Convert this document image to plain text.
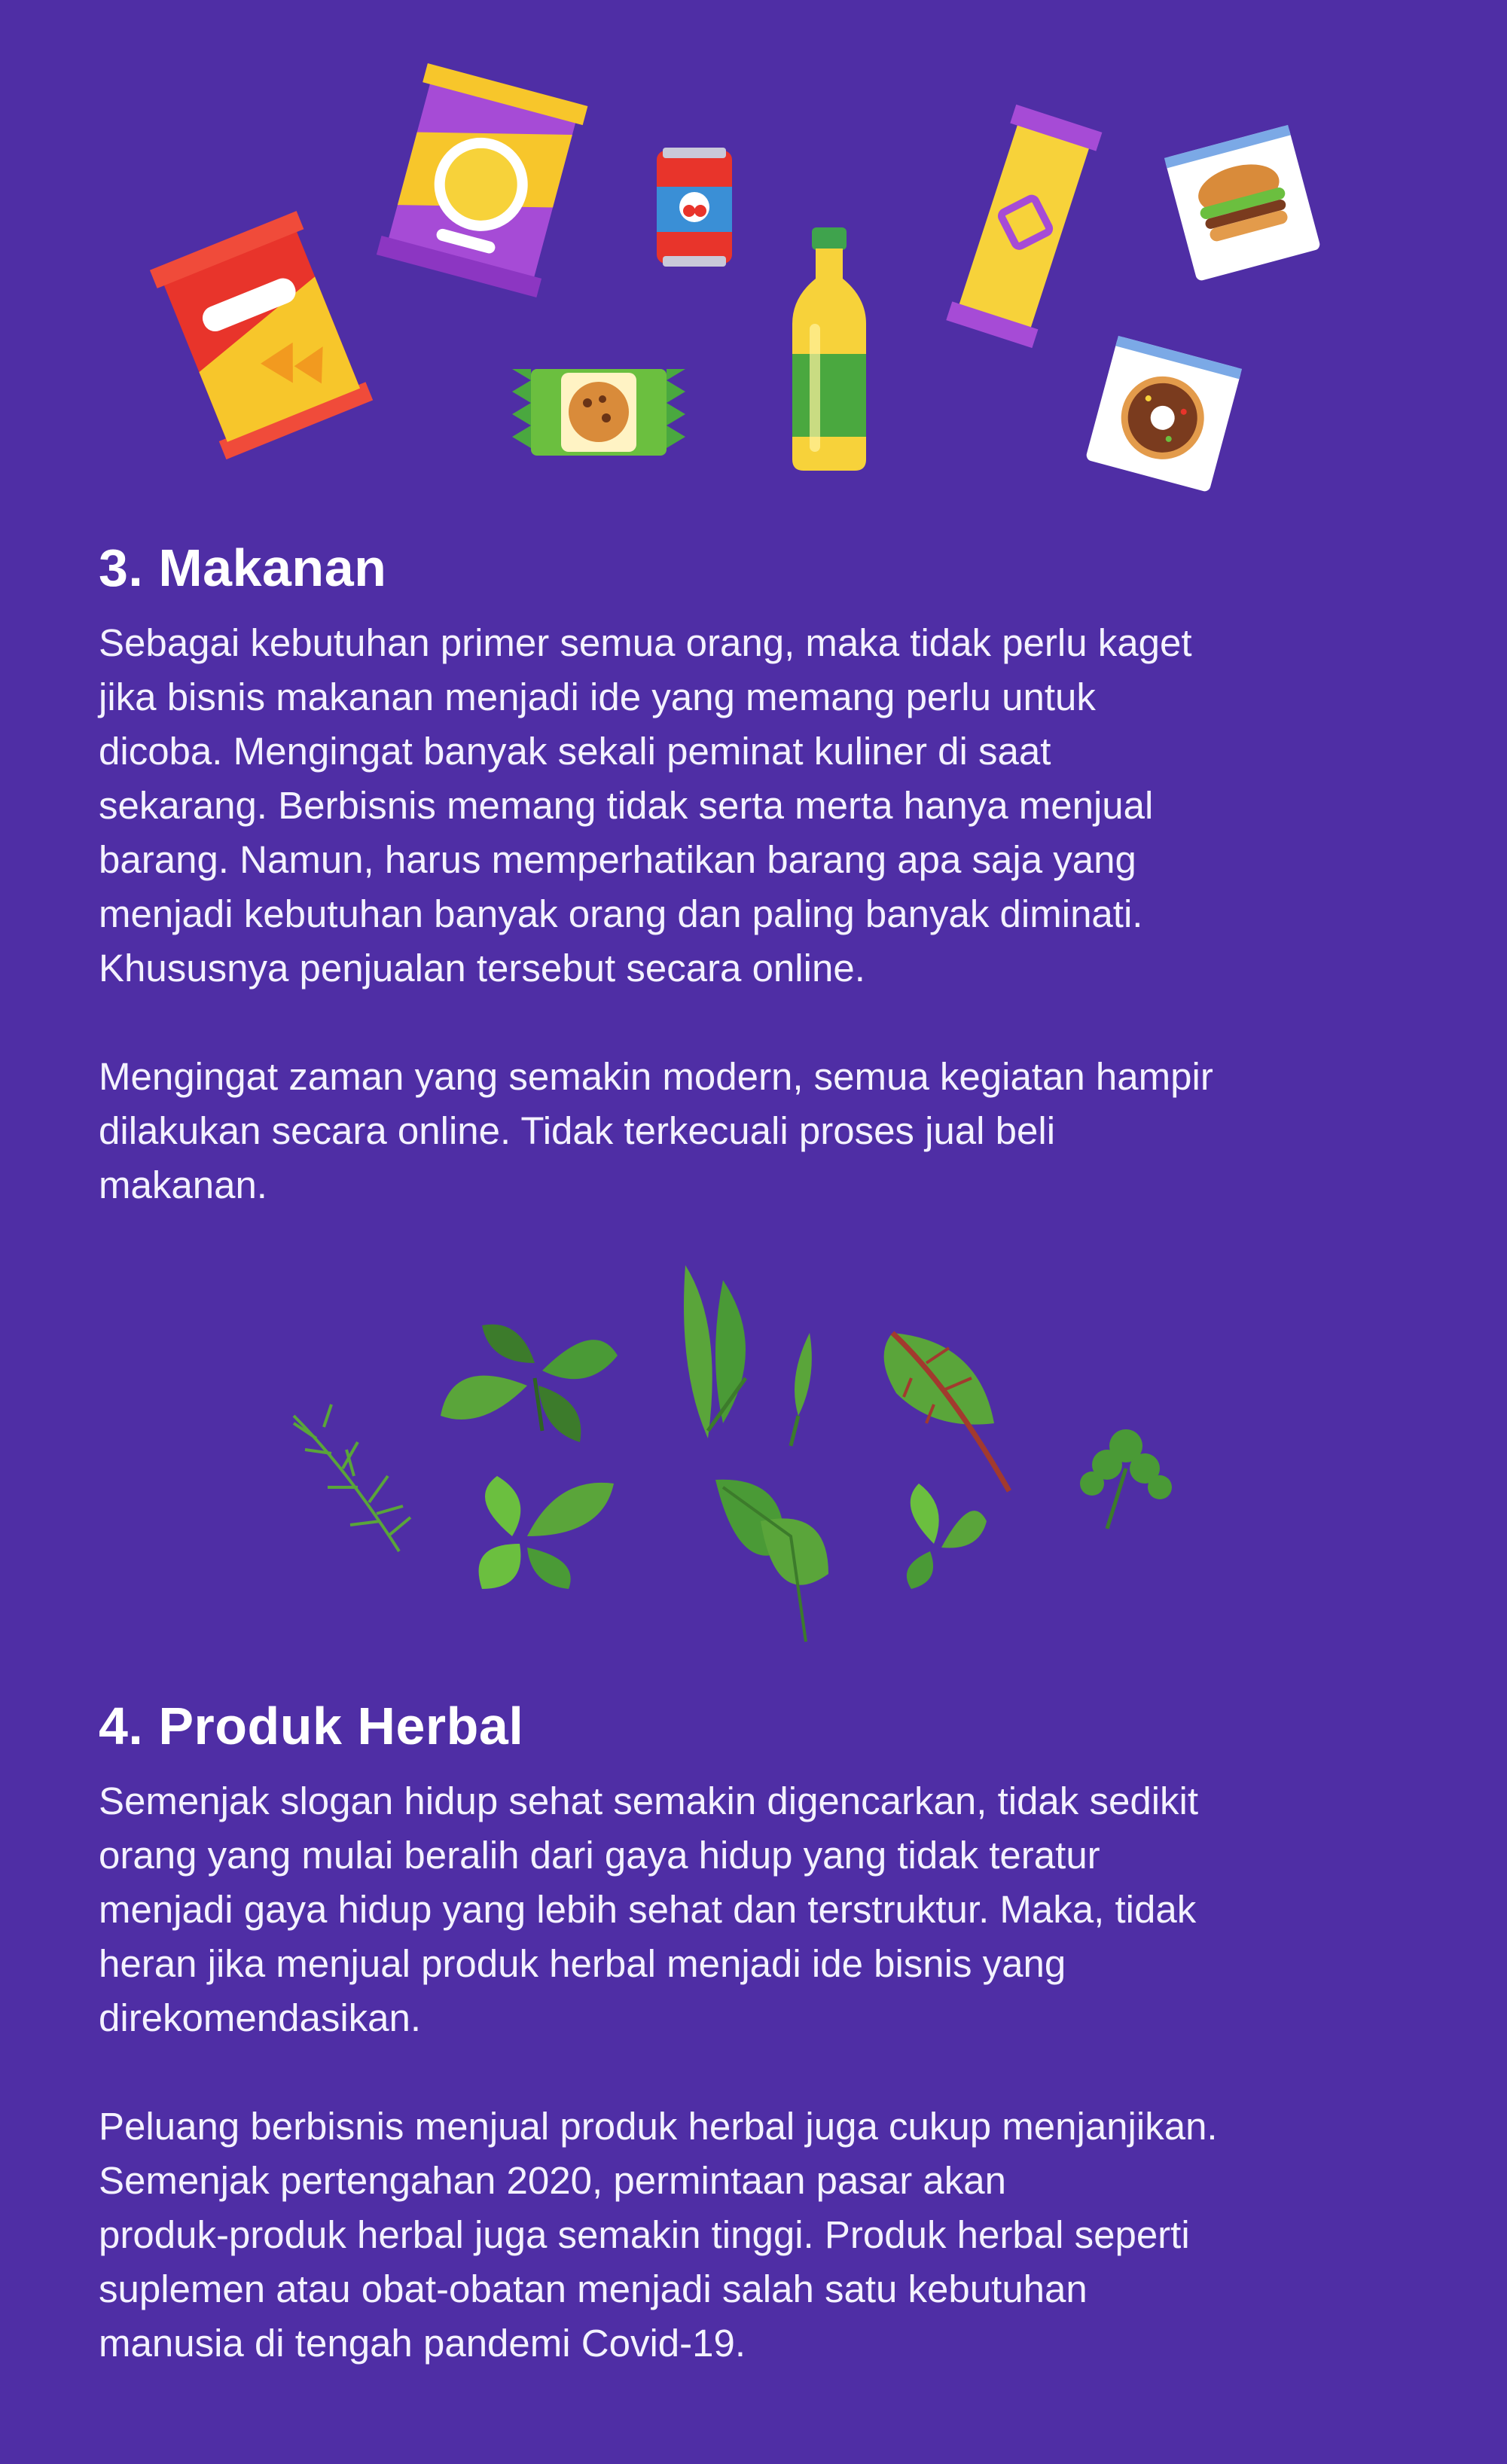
3. Makanan

Sebagai kebutuhan primer semua orang, maka tidak perlu kaget
jika bisnis makanan menjadi ide yang memang perlu untuk
dicoba. Mengingat banyak sekali peminat kuliner di saat
sekarang. Berbisnis memang tidak serta merta hanya menjual
barang. Namun, harus memperhatikan barang apa saja yang
menjadi kebutuhan banyak orang dan paling banyak diminati.
Khususnya penjualan tersebut secara online.

Mengingat zaman yang semakin modern, semua kegiatan hampir
dilakukan secara online. Tidak terkecuali proses jual beli
makanan.

4. Produk Herbal

Semenjak slogan hidup sehat semakin digencarkan, tidak sedikit
orang yang mulai beralih dari gaya hidup yang tidak teratur
menjadi gaya hidup yang lebih sehat dan terstruktur. Maka, tidak
heran jika menjual produk herbal menjadi ide bisnis yang
direkomendasikan.

Peluang berbisnis menjual produk herbal juga cukup menjanjikan.
Semenjak pertengahan 2020, permintaan pasar akan
produk-produk herbal juga semakin tinggi. Produk herbal seperti
suplemen atau obat-obatan menjadi salah satu kebutuhan
manusia di tengah pandemi Covid-19.
